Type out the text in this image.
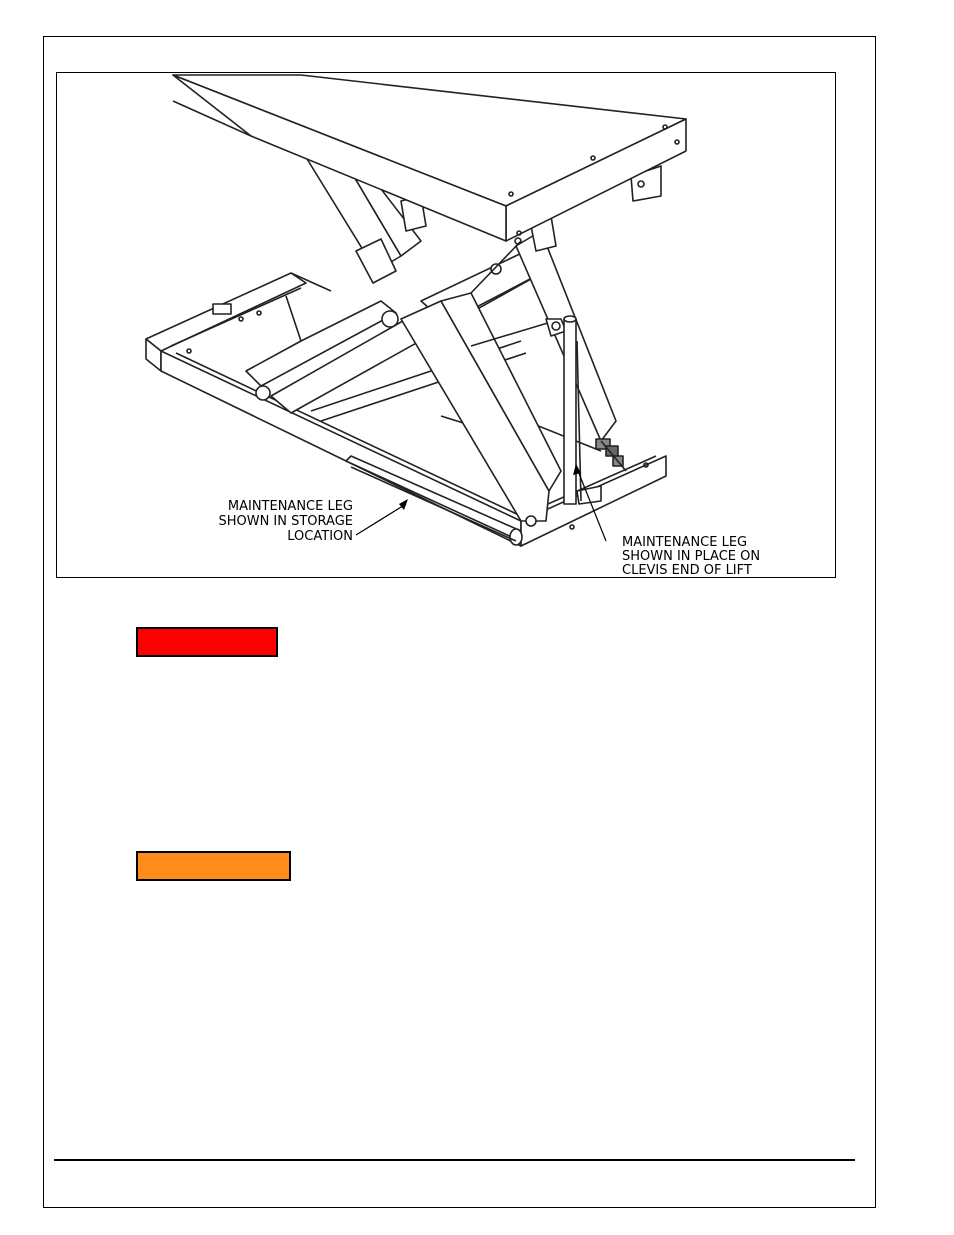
MAINTENANCE LEG
SHOWN IN STORAGE
LOCATION	MAINTENANCE LEG
SHOWN IN PLACE ON
CLEVIS END OF LIFT
